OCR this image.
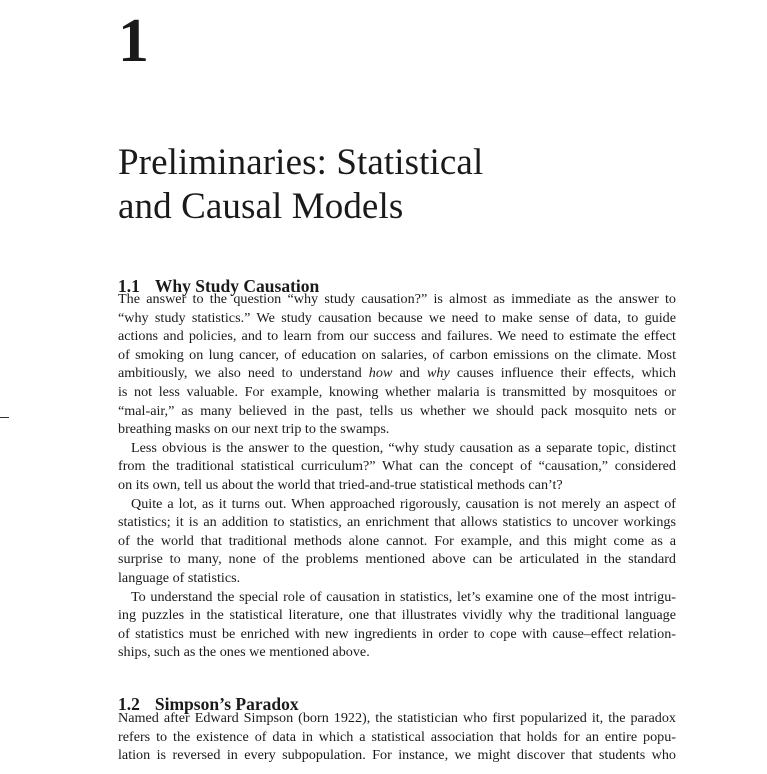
1
Preliminaries: Statistical
and Causal Models
1.1 Why Study Causation
The answer to the question “why study causation?” is almost as immediate as the answer to
“why study statistics.” We study causation because we need to make sense of data, to guide
actions and policies, and to learn from our success and failures. We need to estimate the effect
of smoking on lung cancer, of education on salaries, of carbon emissions on the climate. Most
ambitiously, we also need to understand how and why causes influence their effects, which
is not less valuable. For example, knowing whether malaria is transmitted by mosquitoes or
“mal-air,” as many believed in the past, tells us whether we should pack mosquito nets or
breathing masks on our next trip to the swamps.
Less obvious is the answer to the question, “why study causation as a separate topic, distinct
from the traditional statistical curriculum?” What can the concept of “causation,” considered
on its own, tell us about the world that tried-and-true statistical methods can’t?
Quite a lot, as it turns out. When approached rigorously, causation is not merely an aspect of
statistics; it is an addition to statistics, an enrichment that allows statistics to uncover workings
of the world that traditional methods alone cannot. For example, and this might come as a
surprise to many, none of the problems mentioned above can be articulated in the standard
language of statistics.
To understand the special role of causation in statistics, let’s examine one of the most intrigu-
ing puzzles in the statistical literature, one that illustrates vividly why the traditional language
of statistics must be enriched with new ingredients in order to cope with cause–effect relation-
ships, such as the ones we mentioned above.
1.2 Simpson’s Paradox
Named after Edward Simpson (born 1922), the statistician who first popularized it, the paradox
refers to the existence of data in which a statistical association that holds for an entire popu-
lation is reversed in every subpopulation. For instance, we might discover that students who
